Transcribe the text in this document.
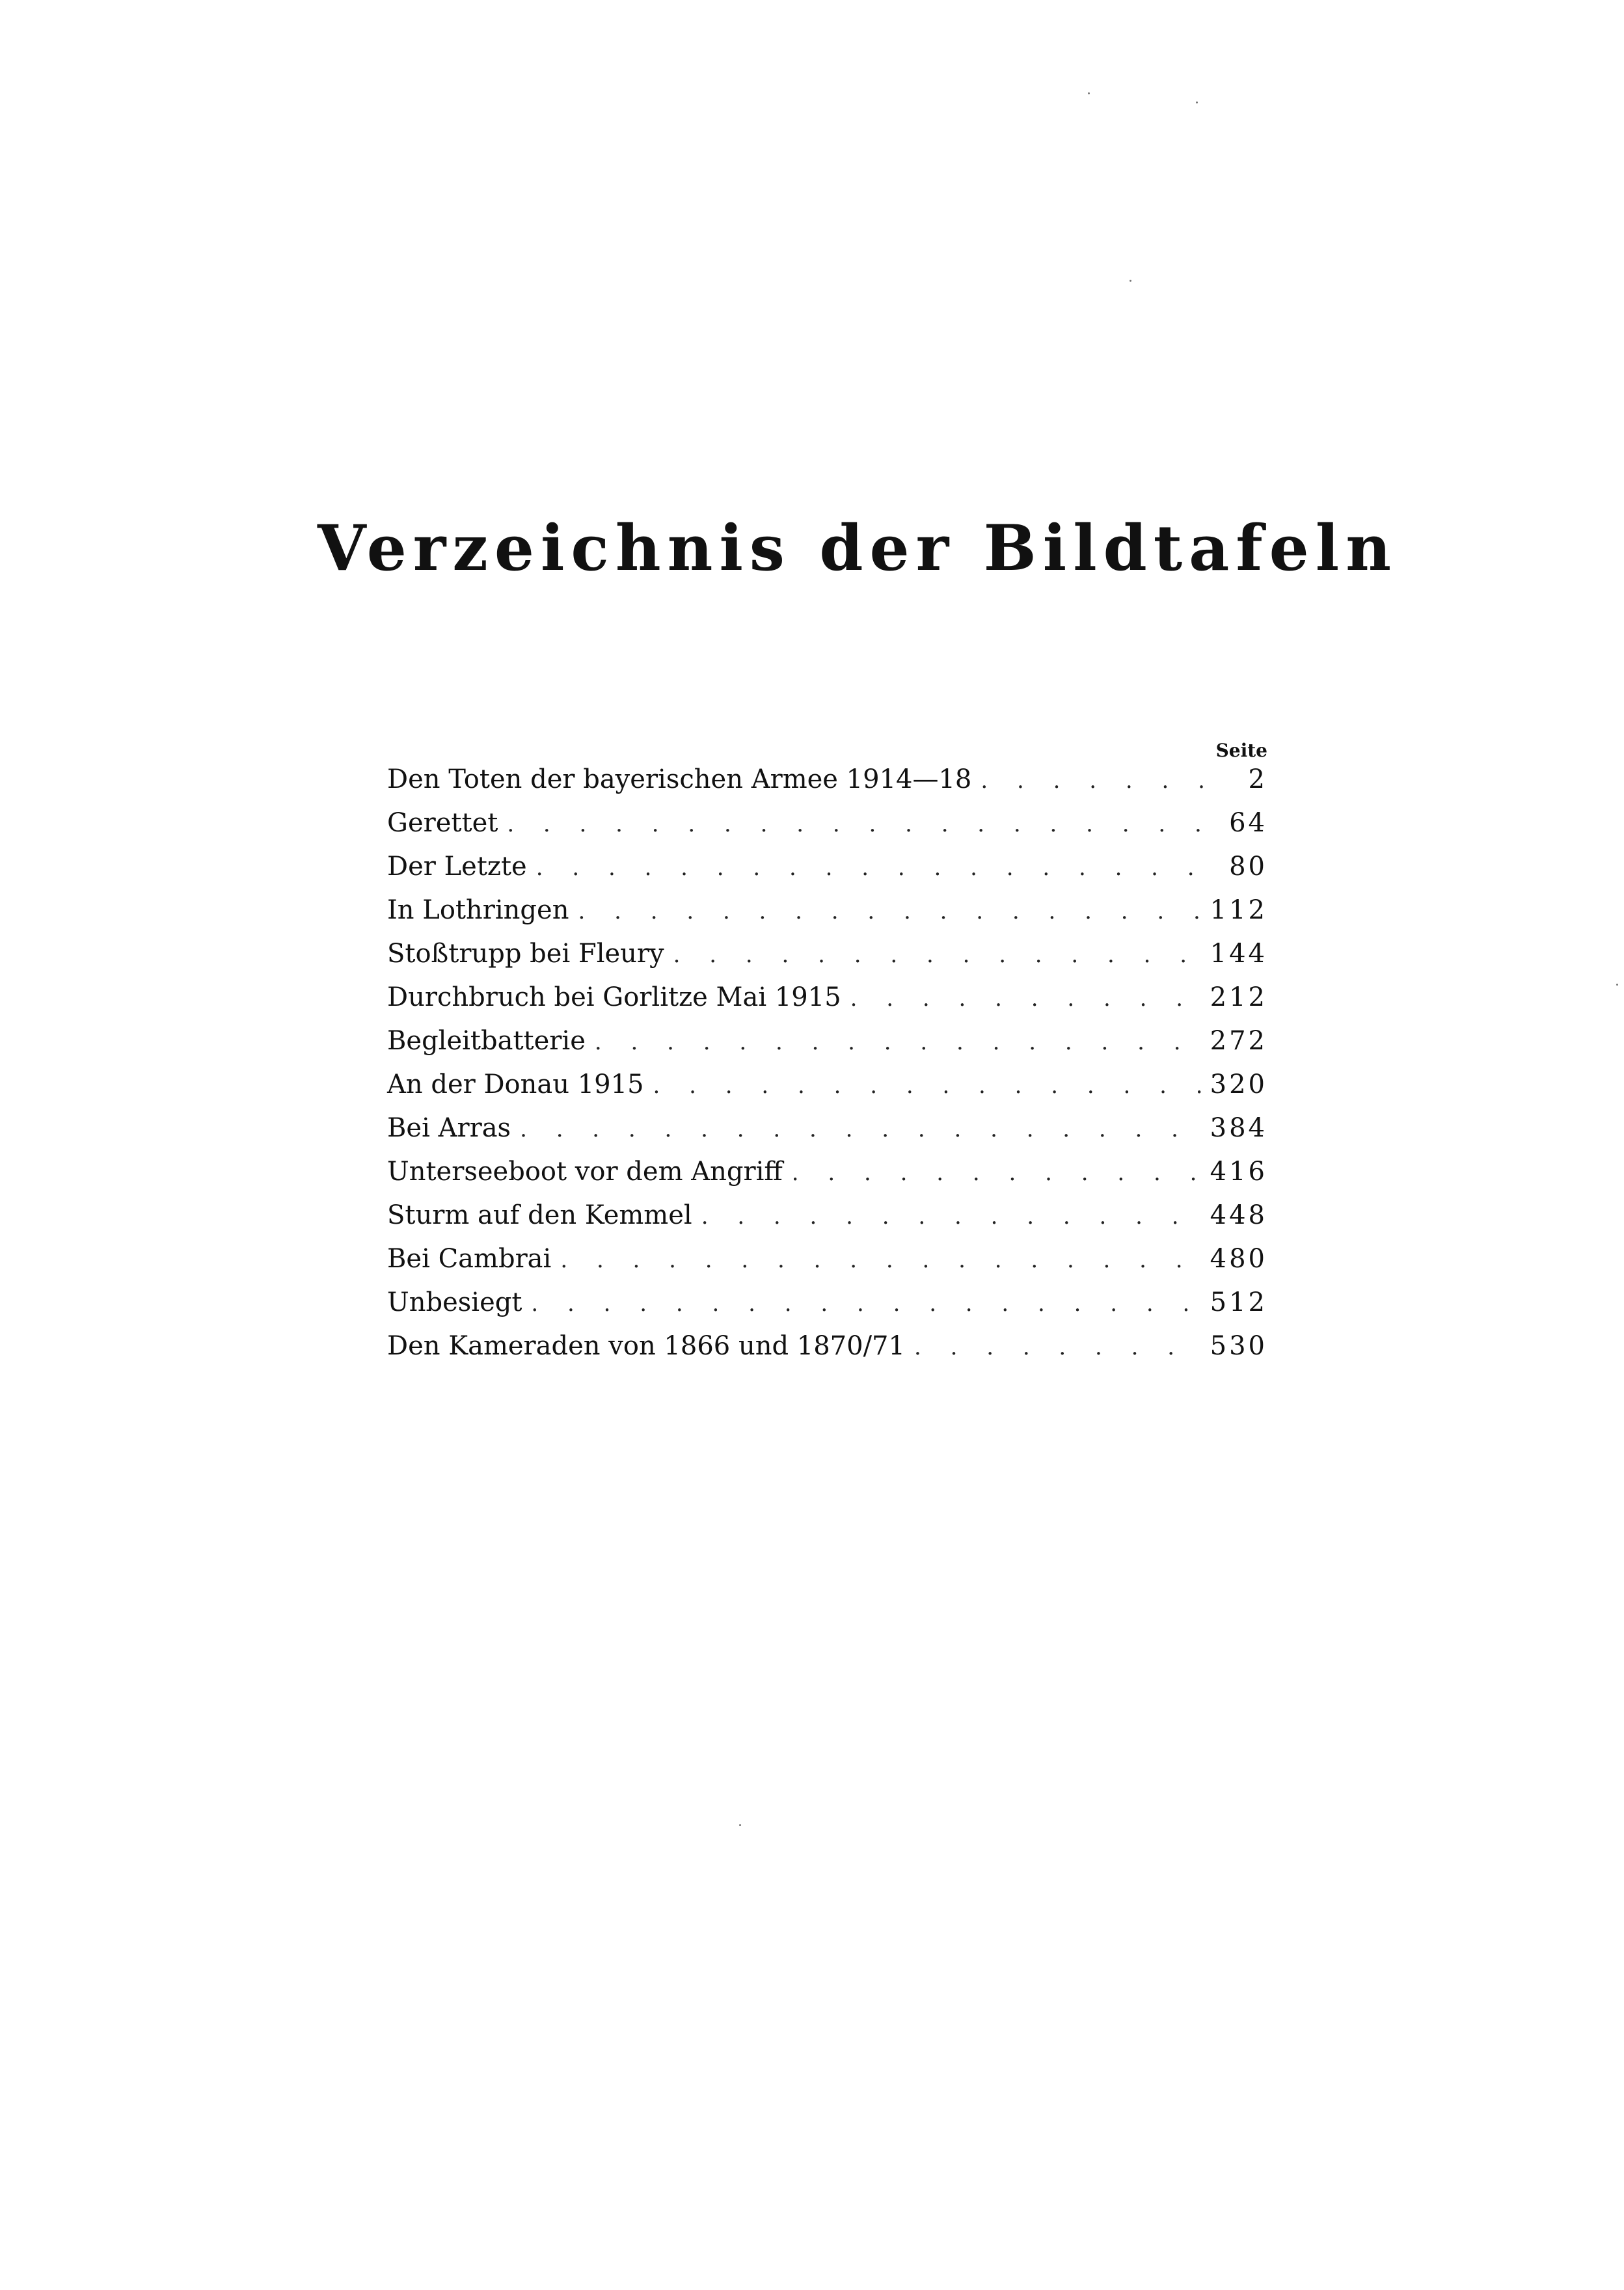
Verzeichnis der Bildtafeln
Seite
Den Toten der bayerischen Armee 1914—18 . . .	2
Gerettet . . .	64
Der Letzte . . .	80
In Lothringen . . .	112
Stoßtrupp bei Fleury . . .	144
Durchbruch bei Gorlitze Mai 1915 . . .	212
Begleitbatterie . . .	272
An der Donau 1915 . . .	320
Bei Arras . . .	384
Unterseeboot vor dem Angriff . . .	416
Sturm auf den Kemmel . . .	448
Bei Cambrai . . .	480
Unbesiegt . . .	512
Den Kameraden von 1866 und 1870/71 . . .	530
